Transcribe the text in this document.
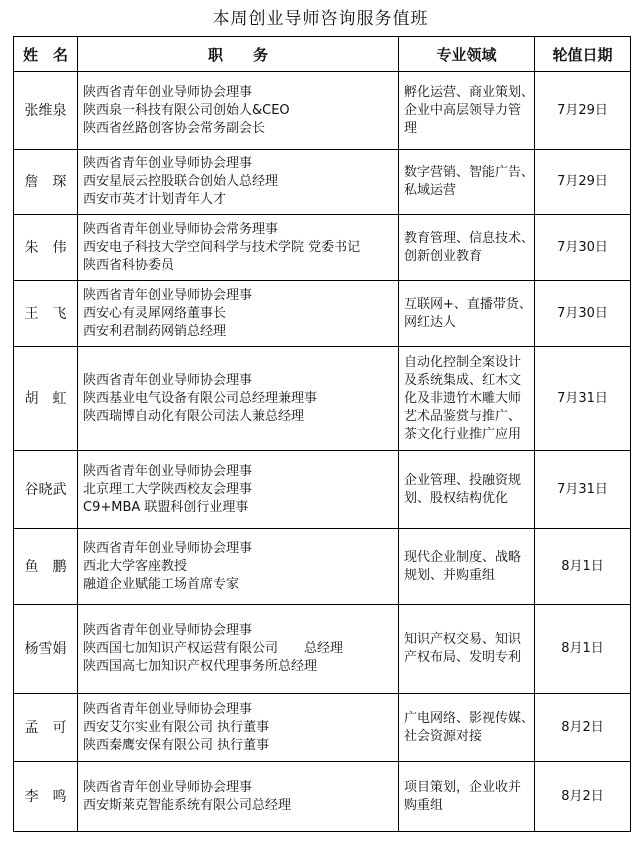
本周创业导师咨询服务值班
姓　名	职　　务	专业领域	轮值日期
张维泉	陕西省青年创业导师协会理事
陕西泉一科技有限公司创始人&CEO
陕西省丝路创客协会常务副会长	孵化运营、商业策划、
企业中高层领导力管
理	7月29日
詹　琛	陕西省青年创业导师协会理事
西安星辰云控股联合创始人总经理
西安市英才计划青年人才	数字营销、智能广告、
私域运营	7月29日
朱　伟	陕西省青年创业导师协会常务理事
西安电子科技大学空间科学与技术学院 党委书记
陕西省科协委员	教育管理、信息技术、
创新创业教育	7月30日
王　飞	陕西省青年创业导师协会理事
西安心有灵犀网络董事长
西安利君制药网销总经理	互联网+、直播带货、
网红达人	7月30日
胡　虹	陕西省青年创业导师协会理事
陕西基业电气设备有限公司总经理兼理事
陕西瑞博自动化有限公司法人兼总经理	自动化控制全案设计
及系统集成、红木文
化及非遗竹木雕大师
艺术品鉴赏与推广、
茶文化行业推广应用	7月31日
谷晓武	陕西省青年创业导师协会理事
北京理工大学陕西校友会理事
C9+MBA 联盟科创行业理事	企业管理、投融资规
划、股权结构优化	7月31日
鱼　鹏	陕西省青年创业导师协会理事
西北大学客座教授
融道企业赋能工场首席专家	现代企业制度、战略
规划、并购重组	8月1日
杨雪娟	陕西省青年创业导师协会理事
陕西国七加知识产权运营有限公司　　总经理
陕西国高七加知识产权代理事务所总经理	知识产权交易、知识
产权布局、发明专利	8月1日
孟　可	陕西省青年创业导师协会理事
西安艾尔实业有限公司 执行董事
陕西秦鹰安保有限公司 执行董事	广电网络、影视传媒、
社会资源对接	8月2日
李　鸣	陕西省青年创业导师协会理事
西安斯莱克智能系统有限公司总经理	项目策划，企业收并
购重组	8月2日
